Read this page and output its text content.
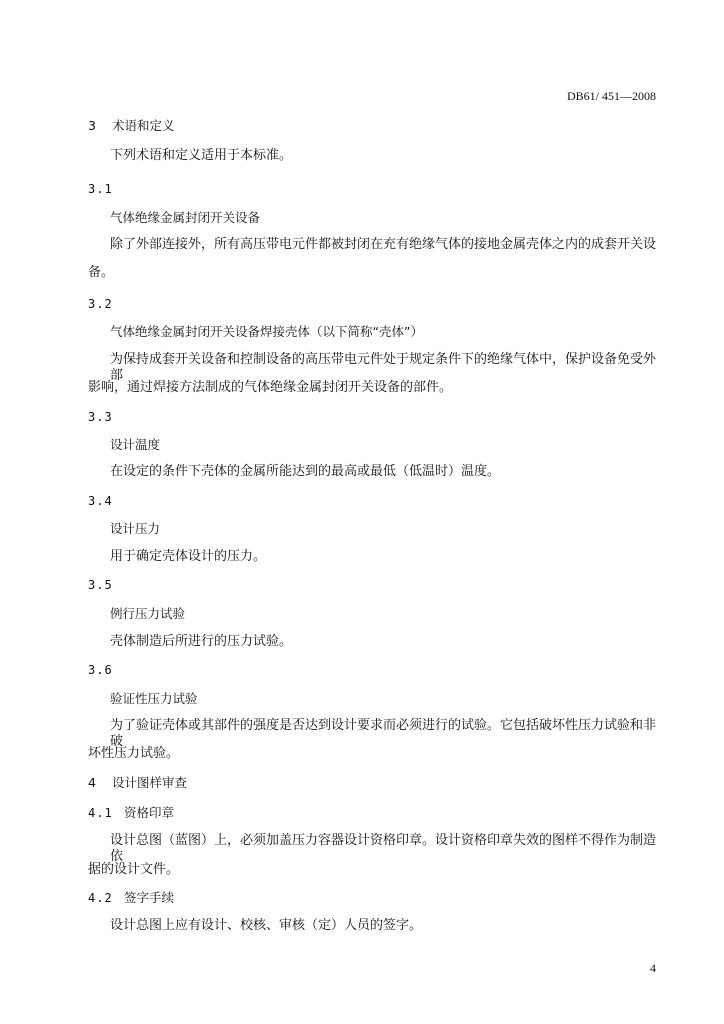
DB61/ 451—2008
3 术语和定义
下列术语和定义适用于本标准。
3.1
气体绝缘金属封闭开关设备
除了外部连接外，所有高压带电元件都被封闭在充有绝缘气体的接地金属壳体之内的成套开关设
备。
3.2
气体绝缘金属封闭开关设备焊接壳体（以下简称“壳体”）
为保持成套开关设备和控制设备的高压带电元件处于规定条件下的绝缘气体中，保护设备免受外部
影响，通过焊接方法制成的气体绝缘金属封闭开关设备的部件。
3.3
设计温度
在设定的条件下壳体的金属所能达到的最高或最低（低温时）温度。
3.4
设计压力
用于确定壳体设计的压力。
3.5
例行压力试验
壳体制造后所进行的压力试验。
3.6
验证性压力试验
为了验证壳体或其部件的强度是否达到设计要求而必须进行的试验。它包括破坏性压力试验和非破
坏性压力试验。
4 设计图样审查
4.1 资格印章
设计总图（蓝图）上，必须加盖压力容器设计资格印章。设计资格印章失效的图样不得作为制造依
据的设计文件。
4.2 签字手续
设计总图上应有设计、校核、审核（定）人员的签字。
4
